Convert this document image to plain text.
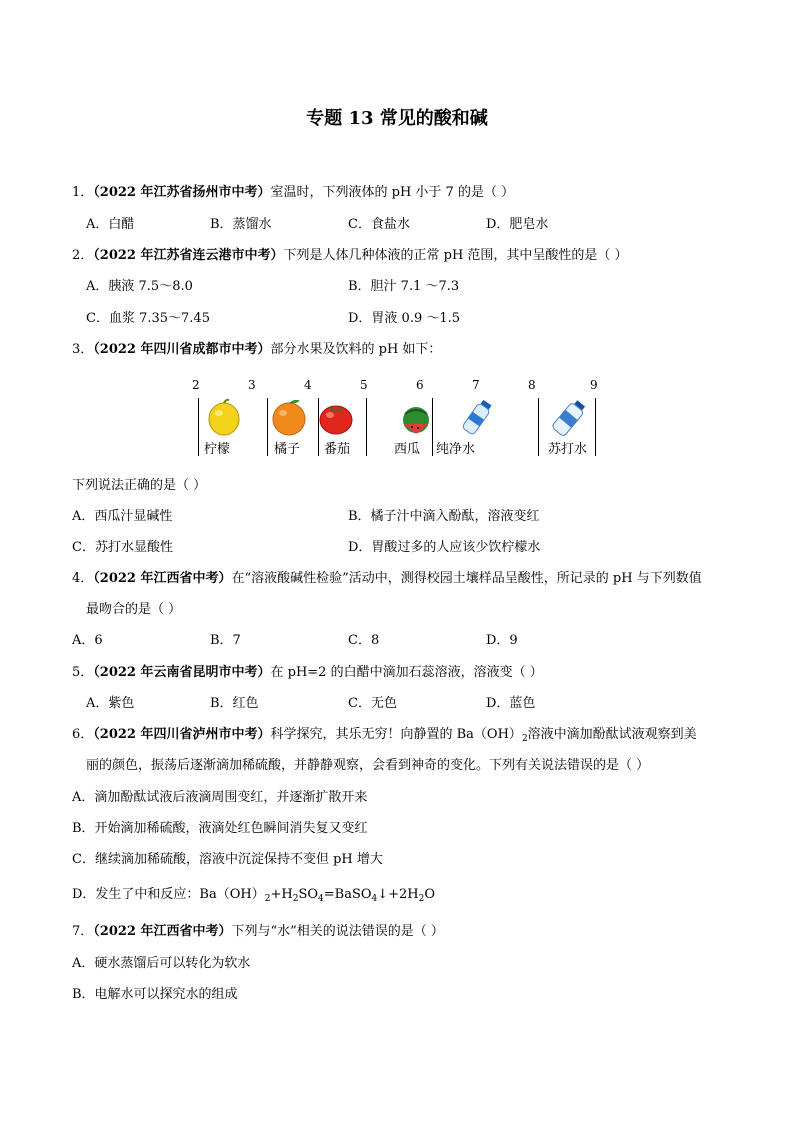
专题 13 常见的酸和碱
1．（2022 年江苏省扬州市中考）室温时，下列液体的 pH 小于 7 的是（ ）
A．白醋	B．蒸馏水	C．食盐水	D．肥皂水
2．（2022 年江苏省连云港市中考）下列是人体几种体液的正常 pH 范围，其中呈酸性的是（ ）
A．胰液 7.5～8.0	B．胆汁 7.1 ～7.3
C．血浆 7.35～7.45	D．胃液 0.9 ～1.5
3．（2022 年四川省成都市中考）部分水果及饮料的 pH 如下：
2	3	4	5	6	7	8	9
柠檬	橘子 番茄	西瓜 纯净水	苏打水
下列说法正确的是（ ）
A．西瓜汁显碱性	B．橘子汁中滴入酚酞，溶液变红
C．苏打水显酸性	D．胃酸过多的人应该少饮柠檬水
4．（2022 年江西省中考）在“溶液酸碱性检验”活动中，测得校园土壤样品呈酸性，所记录的 pH 与下列数值
最吻合的是（ ）
A．6	B．7	C．8	D．9
5．（2022 年云南省昆明市中考）在 pH=2 的白醋中滴加石蕊溶液，溶液变（ ）
A．紫色	B．红色	C．无色	D．蓝色
6．（2022 年四川省泸州市中考）科学探究，其乐无穷！向静置的 $Ba(OH)_2$溶液中滴加酚酞试液观察到美
丽的颜色，振荡后逐渐滴加稀硫酸，并静静观察，会看到神奇的变化。下列有关说法错误的是（ ）
A．滴加酚酞试液后液滴周围变红，并逐渐扩散开来
B．开始滴加稀硫酸，液滴处红色瞬间消失复又变红
C．继续滴加稀硫酸，溶液中沉淀保持不变但 pH 增大
D．发生了中和反应：$Ba(OH)_2+H_2SO_4=BaSO_4↓+2H_2O$
7．（2022 年江西省中考）下列与“水”相关的说法错误的是（ ）
A．硬水蒸馏后可以转化为软水
B．电解水可以探究水的组成
